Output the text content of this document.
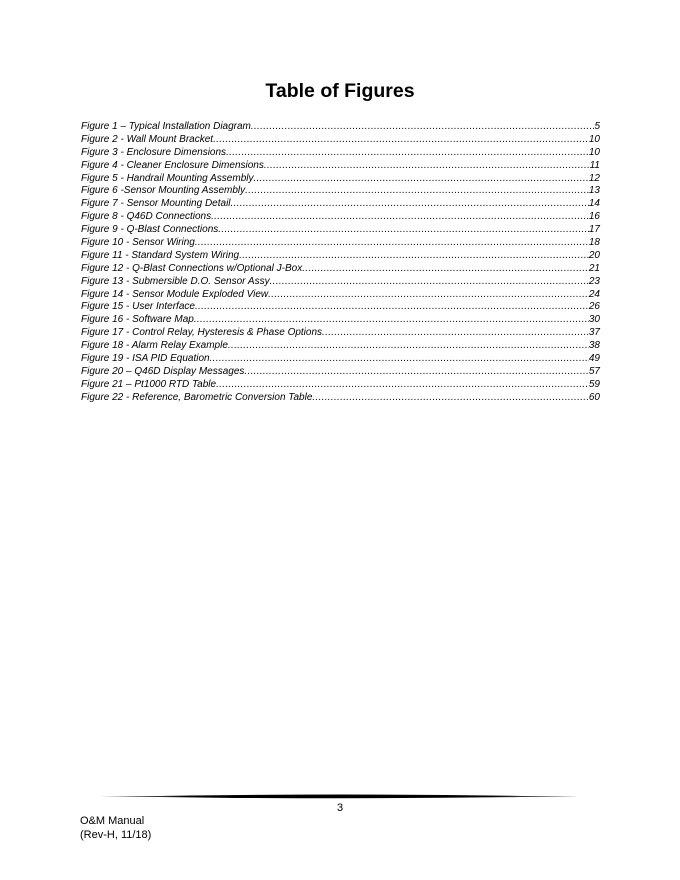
Table of Figures
Figure 1 – Typical Installation Diagram .....	5
Figure 2 - Wall Mount Bracket .....	10
Figure 3 - Enclosure Dimensions .....	10
Figure 4 - Cleaner Enclosure Dimensions .....	11
Figure 5 - Handrail Mounting Assembly .....	12
Figure 6 -Sensor Mounting Assembly .....	13
Figure 7 - Sensor Mounting Detail .....	14
Figure 8 - Q46D Connections .....	16
Figure 9 - Q-Blast Connections .....	17
Figure 10 - Sensor Wiring .....	18
Figure 11 - Standard System Wiring .....	20
Figure 12 - Q-Blast Connections w/Optional J-Box .....	21
Figure 13 - Submersible D.O. Sensor Assy .....	23
Figure 14 - Sensor Module Exploded View .....	24
Figure 15 - User Interface .....	26
Figure 16 - Software Map .....	30
Figure 17 - Control Relay, Hysteresis & Phase Options .....	37
Figure 18 - Alarm Relay Example .....	38
Figure 19 - ISA PID Equation .....	49
Figure 20 – Q46D Display Messages .....	57
Figure 21 – Pt1000 RTD Table .....	59
Figure 22 - Reference, Barometric Conversion Table .....	60
3
O&M Manual
(Rev-H, 11/18)
